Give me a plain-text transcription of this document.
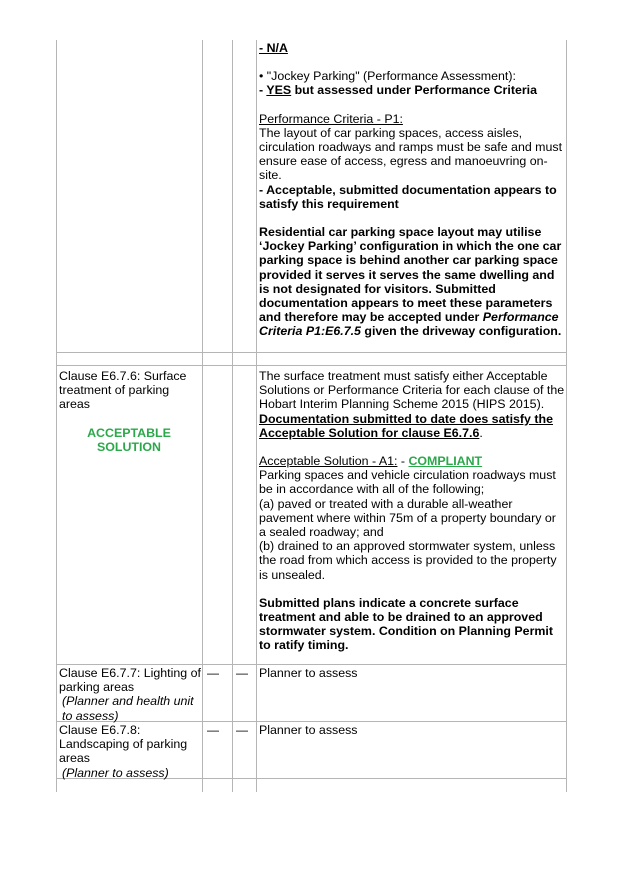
- N/A

• "Jockey Parking" (Performance Assessment):

- YES but assessed under Performance Criteria

Performance Criteria - P1:

The layout of car parking spaces, access aisles, circulation roadways and ramps must be safe and must ensure ease of access, egress and manoeuvring on-site.

- Acceptable, submitted documentation appears to satisfy this requirement

Residential car parking space layout may utilise ‘Jockey Parking’ configuration in which the one car parking space is behind another car parking space provided it serves it serves the same dwelling and is not designated for visitors. Submitted documentation appears to meet these parameters and therefore may be accepted under Performance Criteria P1:E6.7.5 given the driveway configuration.

Clause E6.7.6: Surface treatment of parking areas

ACCEPTABLE SOLUTION

The surface treatment must satisfy either Acceptable Solutions or Performance Criteria for each clause of the Hobart Interim Planning Scheme 2015 (HIPS 2015).

Documentation submitted to date does satisfy the Acceptable Solution for clause E6.7.6.

Acceptable Solution - A1: - COMPLIANT

Parking spaces and vehicle circulation roadways must be in accordance with all of the following;

(a) paved or treated with a durable all-weather pavement where within 75m of a property boundary or a sealed roadway; and

(b) drained to an approved stormwater system, unless the road from which access is provided to the property is unsealed.

Submitted plans indicate a concrete surface treatment and able to be drained to an approved stormwater system. Condition on Planning Permit to ratify timing.

Clause E6.7.7: Lighting of parking areas

(Planner and health unit to assess)

— — Planner to assess

Clause E6.7.8: Landscaping of parking areas

(Planner to assess)

— — Planner to assess
